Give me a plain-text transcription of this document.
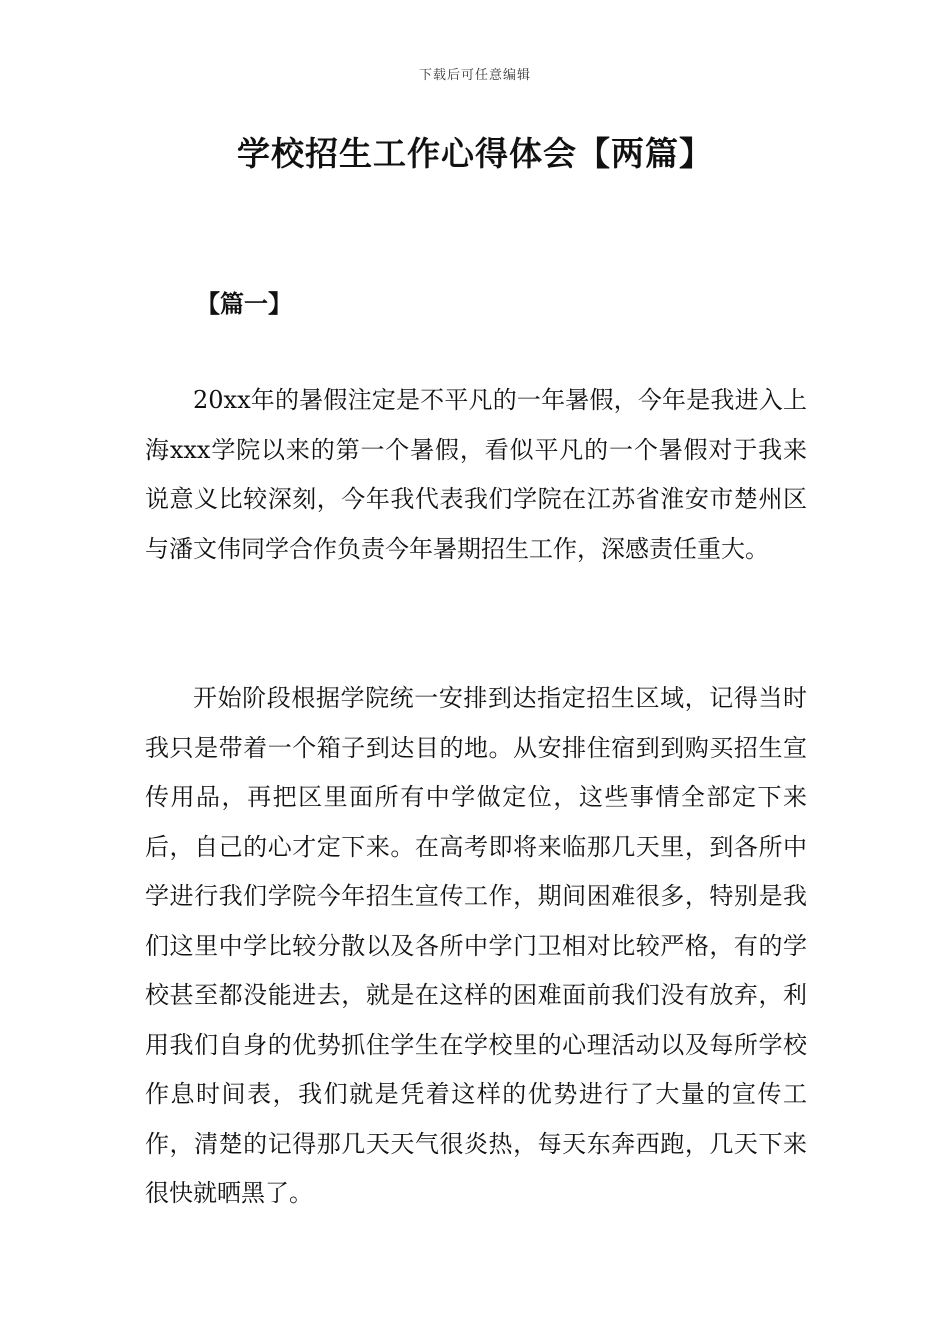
下载后可任意编辑
学校招生工作心得体会【两篇】
【篇一】

20xx年的暑假注定是不平凡的一年暑假，今年是我进入上海xxx学院以来的第一个暑假，看似平凡的一个暑假对于我来说意义比较深刻，今年我代表我们学院在江苏省淮安市楚州区与潘文伟同学合作负责今年暑期招生工作，深感责任重大。

开始阶段根据学院统一安排到达指定招生区域，记得当时我只是带着一个箱子到达目的地。从安排住宿到到购买招生宣传用品，再把区里面所有中学做定位，这些事情全部定下来后，自己的心才定下来。在高考即将来临那几天里，到各所中学进行我们学院今年招生宣传工作，期间困难很多，特别是我们这里中学比较分散以及各所中学门卫相对比较严格，有的学校甚至都没能进去，就是在这样的困难面前我们没有放弃，利用我们自身的优势抓住学生在学校里的心理活动以及每所学校作息时间表，我们就是凭着这样的优势进行了大量的宣传工作，清楚的记得那几天天气很炎热，每天东奔西跑，几天下来很快就晒黑了。
